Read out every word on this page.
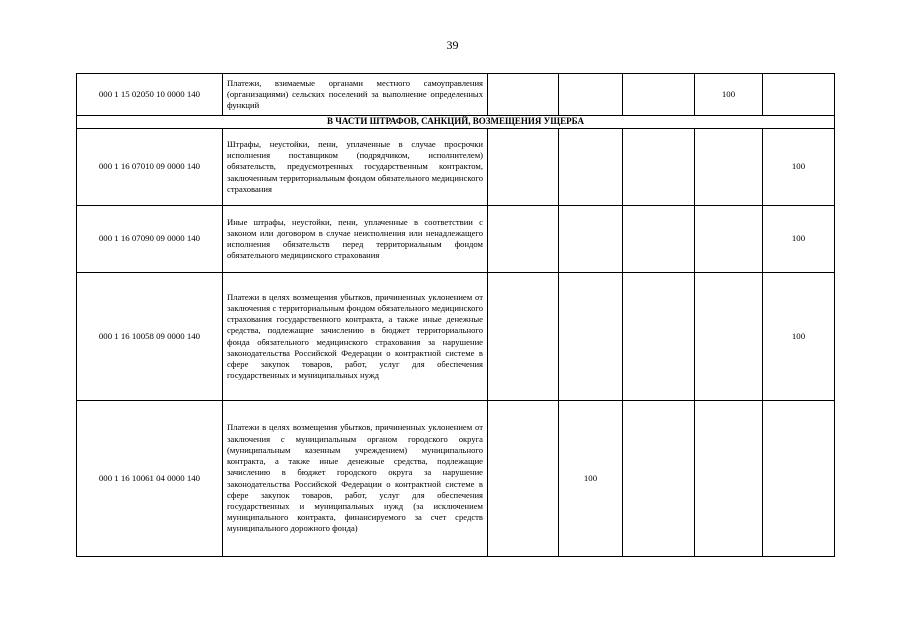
39
000 1 15 02050 10 0000 140	Платежи, взимаемые органами местного самоуправления (организациями) сельских поселений за выполнение определенных функций				100	
В ЧАСТИ ШТРАФОВ, САНКЦИЙ, ВОЗМЕЩЕНИЯ УЩЕРБА						
000 1 16 07010 09 0000 140	Штрафы, неустойки, пени, уплаченные в случае просрочки исполнения поставщиком (подрядчиком, исполнителем) обязательств, предусмотренных государственным контрактом, заключенным территориальным фондом обязательного медицинского страхования					100
000 1 16 07090 09 0000 140	Иные штрафы, неустойки, пени, уплаченные в соответствии с законом или договором в случае неисполнения или ненадлежащего исполнения обязательств перед территориальным фондом обязательного медицинского страхования					100
000 1 16 10058 09 0000 140	Платежи в целях возмещения убытков, причиненных уклонением от заключения с территориальным фондом обязательного медицинского страхования государственного контракта, а также иные денежные средства, подлежащие зачислению в бюджет территориального фонда обязательного медицинского страхования за нарушение законодательства Российской Федерации о контрактной системе в сфере закупок товаров, работ, услуг для обеспечения государственных и муниципальных нужд					100
000 1 16 10061 04 0000 140	Платежи в целях возмещения убытков, причиненных уклонением от заключения с муниципальным органом городского округа (муниципальным казенным учреждением) муниципального контракта, а также иные денежные средства, подлежащие зачислению в бюджет городского округа за нарушение законодательства Российской Федерации о контрактной системе в сфере закупок товаров, работ, услуг для обеспечения государственных и муниципальных нужд (за исключением муниципального контракта, финансируемого за счет средств муниципального дорожного фонда)		100			
